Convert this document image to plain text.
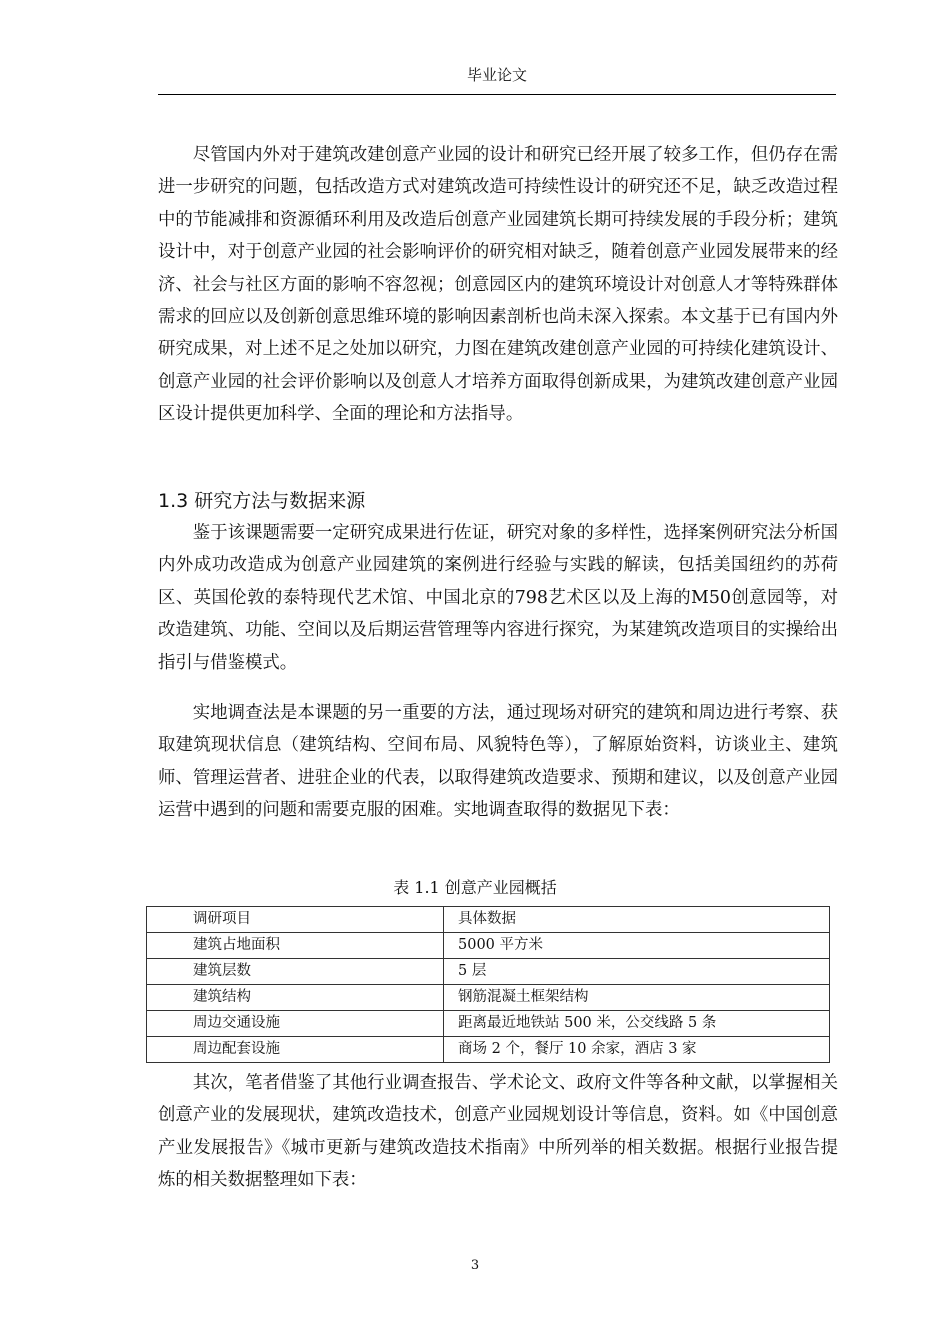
毕业论文

尽管国内外对于建筑改建创意产业园的设计和研究已经开展了较多工作，但仍存在需进一步研究的问题，包括改造方式对建筑改造可持续性设计的研究还不足，缺乏改造过程中的节能减排和资源循环利用及改造后创意产业园建筑长期可持续发展的手段分析；建筑设计中，对于创意产业园的社会影响评价的研究相对缺乏，随着创意产业园发展带来的经济、社会与社区方面的影响不容忽视；创意园区内的建筑环境设计对创意人才等特殊群体需求的回应以及创新创意思维环境的影响因素剖析也尚未深入探索。本文基于已有国内外研究成果，对上述不足之处加以研究，力图在建筑改建创意产业园的可持续化建筑设计、创意产业园的社会评价影响以及创意人才培养方面取得创新成果，为建筑改建创意产业园区设计提供更加科学、全面的理论和方法指导。

1.3 研究方法与数据来源

鉴于该课题需要一定研究成果进行佐证，研究对象的多样性，选择案例研究法分析国内外成功改造成为创意产业园建筑的案例进行经验与实践的解读，包括美国纽约的苏荷区、英国伦敦的泰特现代艺术馆、中国北京的798艺术区以及上海的M50创意园等，对改造建筑、功能、空间以及后期运营管理等内容进行探究，为某建筑改造项目的实操给出指引与借鉴模式。

实地调查法是本课题的另一重要的方法，通过现场对研究的建筑和周边进行考察、获取建筑现状信息（建筑结构、空间布局、风貌特色等），了解原始资料，访谈业主、建筑师、管理运营者、进驻企业的代表，以取得建筑改造要求、预期和建议，以及创意产业园运营中遇到的问题和需要克服的困难。实地调查取得的数据见下表：

表 1.1 创意产业园概括
调研项目	具体数据
建筑占地面积	5000 平方米
建筑层数	5 层
建筑结构	钢筋混凝土框架结构
周边交通设施	距离最近地铁站 500 米，公交线路 5 条
周边配套设施	商场 2 个，餐厅 10 余家，酒店 3 家

其次，笔者借鉴了其他行业调查报告、学术论文、政府文件等各种文献，以掌握相关创意产业的发展现状，建筑改造技术，创意产业园规划设计等信息，资料。如《中国创意产业发展报告》《城市更新与建筑改造技术指南》中所列举的相关数据。根据行业报告提炼的相关数据整理如下表：

3
